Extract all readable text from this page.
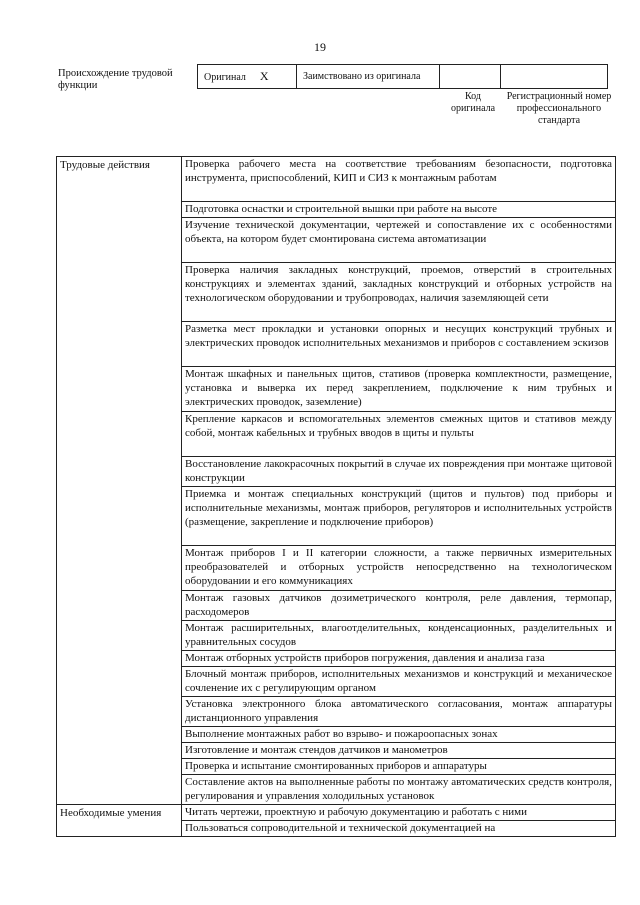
19
Происхождение трудовой функции
Оригинал X	Заимствовано из оригинала		
Код оригинала
Регистрационный номер профессионального стандарта
Трудовые действия	Проверка рабочего места на соответствие требованиям безопасности, подготовка инструмента, приспособлений, КИП и СИЗ к монтажным работам

	Подготовка оснастки и строительной вышки при работе на высоте

	Изучение технической документации, чертежей и сопоставление их с особенностями объекта, на котором будет смонтирована система автоматизации

	Проверка наличия закладных конструкций, проемов, отверстий в строительных конструкциях и элементах зданий, закладных конструкций и отборных устройств на технологическом оборудовании и трубопроводах, наличия заземляющей сети

	Разметка мест прокладки и установки опорных и несущих конструкций трубных и электрических проводок исполнительных механизмов и приборов с составлением эскизов

	Монтаж шкафных и панельных щитов, стативов (проверка комплектности, размещение, установка и выверка их перед закреплением, подключение к ним трубных и электрических проводок, заземление)

	Крепление каркасов и вспомогательных элементов смежных щитов и стативов между собой, монтаж кабельных и трубных вводов в щиты и пульты

	Восстановление лакокрасочных покрытий в случае их повреждения при монтаже щитовой конструкции

	Приемка и монтаж специальных конструкций (щитов и пультов) под приборы и исполнительные механизмы, монтаж приборов, регуляторов и исполнительных устройств (размещение, закрепление и подключение приборов)

	Монтаж приборов I и II категории сложности, а также первичных измерительных преобразователей и отборных устройств непосредственно на технологическом оборудовании и его коммуникациях

	Монтаж газовых датчиков дозиметрического контроля, реле давления, термопар, расходомеров

	Монтаж расширительных, влагоотделительных, конденсационных, разделительных и уравнительных сосудов

	Монтаж отборных устройств приборов погружения, давления и анализа газа

	Блочный монтаж приборов, исполнительных механизмов и конструкций и механическое сочленение их с регулирующим органом

	Установка электронного блока автоматического согласования, монтаж аппаратуры дистанционного управления

	Выполнение монтажных работ во взрыво- и пожароопасных зонах

	Изготовление и монтаж стендов датчиков и манометров

	Проверка и испытание смонтированных приборов и аппаратуры

	Составление актов на выполненные работы по монтажу автоматических средств контроля, регулирования и управления холодильных установок

Необходимые умения	Читать чертежи, проектную и рабочую документацию и работать с ними

	Пользоваться сопроводительной и технической документацией на
